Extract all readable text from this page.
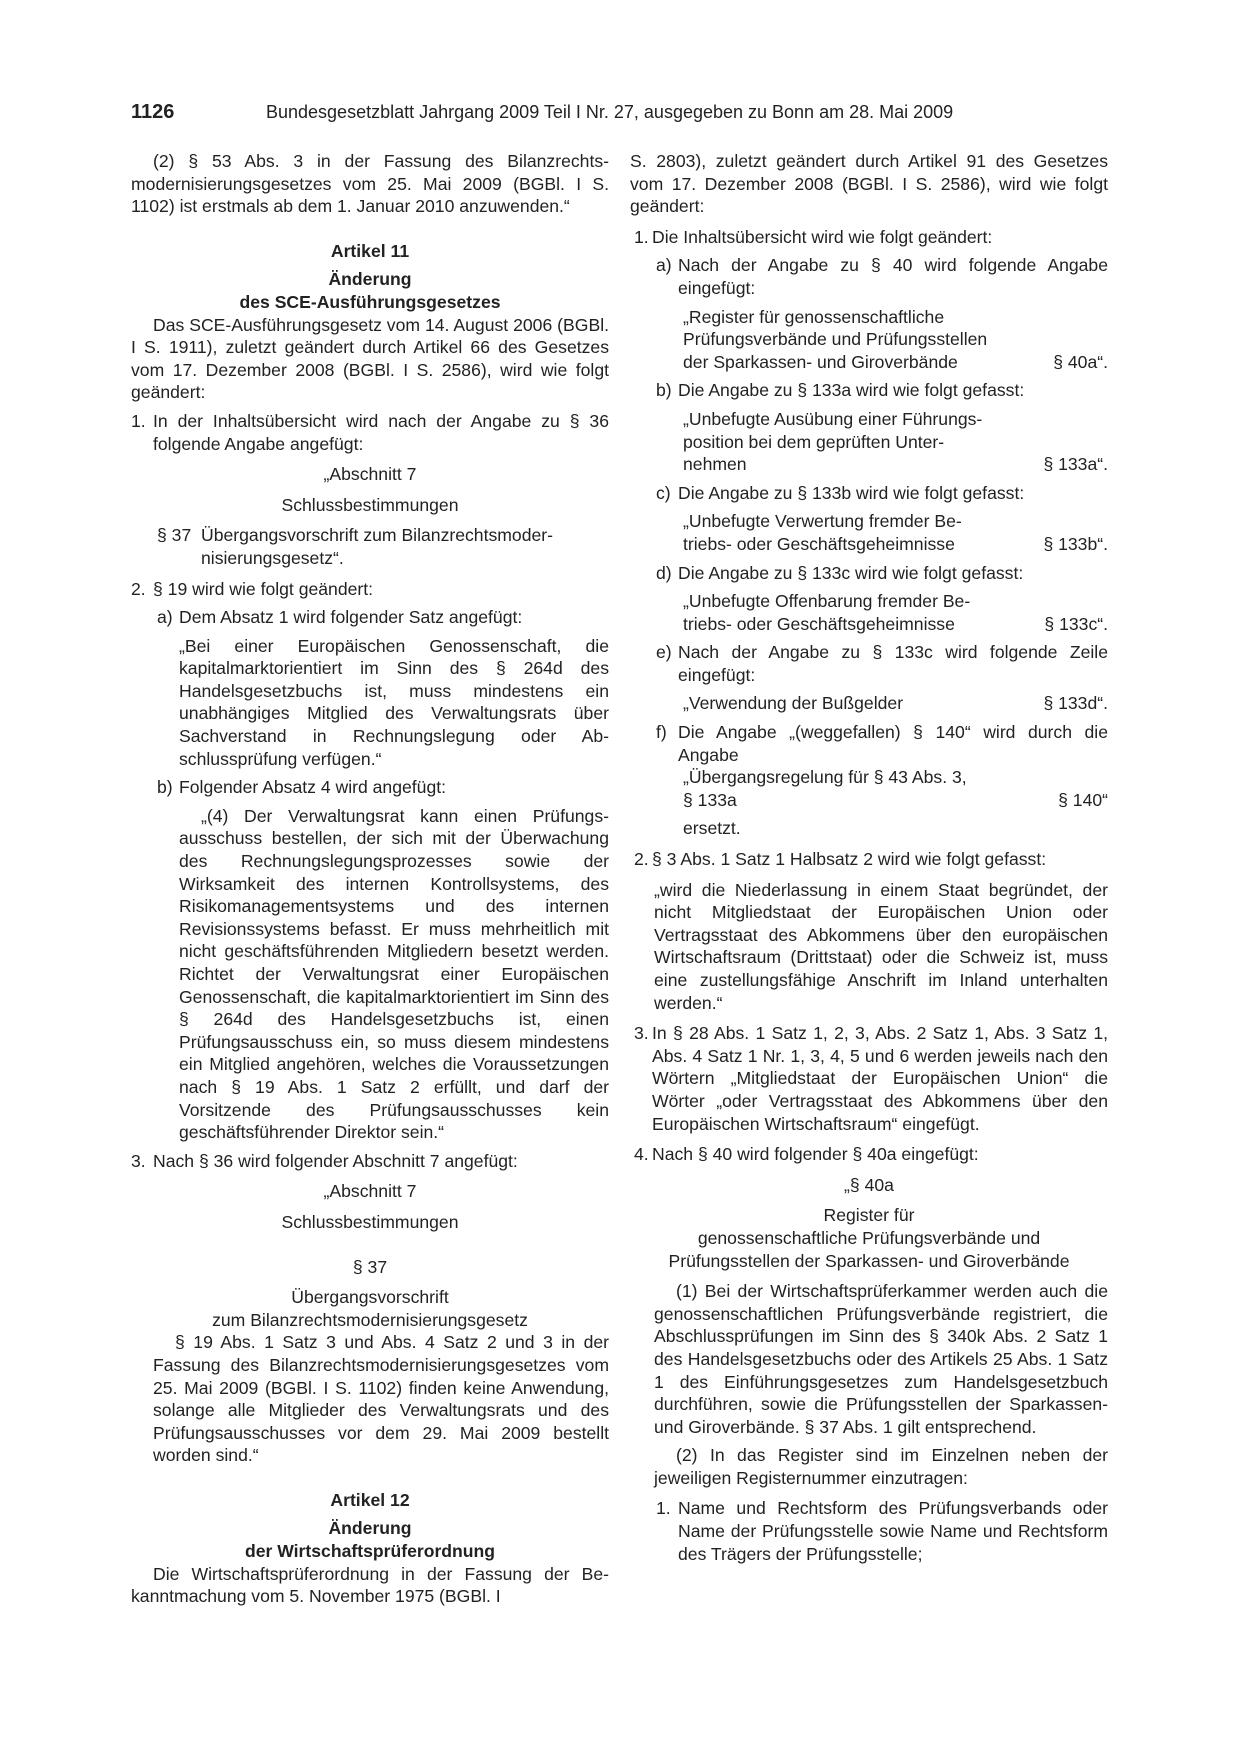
1126	Bundesgesetzblatt Jahrgang 2009 Teil I Nr. 27, ausgegeben zu Bonn am 28. Mai 2009

(2) § 53 Abs. 3 in der Fassung des Bilanzrechtsmodernisierungsgesetzes vom 25. Mai 2009 (BGBl. I S. 1102) ist erstmals ab dem 1. Januar 2010 anzuwenden.“

Artikel 11

Änderung

des SCE-Ausführungsgesetzes

Das SCE-Ausführungsgesetz vom 14. August 2006 (BGBl. I S. 1911), zuletzt geändert durch Artikel 66 des Gesetzes vom 17. Dezember 2008 (BGBl. I S. 2586), wird wie folgt geändert:

1. In der Inhaltsübersicht wird nach der Angabe zu § 36 folgende Angabe angefügt:

„Abschnitt 7

Schlussbestimmungen

§ 37 Übergangsvorschrift zum Bilanzrechtsmodernisierungsgesetz“.
2. § 19 wird wie folgt geändert:
a) Dem Absatz 1 wird folgender Satz angefügt:

„Bei einer Europäischen Genossenschaft, die kapitalmarktorientiert im Sinn des § 264d des Handelsgesetzbuchs ist, muss mindestens ein unabhängiges Mitglied des Verwaltungsrats über Sachverstand in Rechnungslegung oder Abschlussprüfung verfügen.“

b) Folgender Absatz 4 wird angefügt:

„(4) Der Verwaltungsrat kann einen Prüfungsausschuss bestellen, der sich mit der Überwachung des Rechnungslegungsprozesses sowie der Wirksamkeit des internen Kontrollsystems, des Risikomanagementsystems und des internen Revisionssystems befasst. Er muss mehrheitlich mit nicht geschäftsführenden Mitgliedern besetzt werden. Richtet der Verwaltungsrat einer Europäischen Genossenschaft, die kapitalmarktorientiert im Sinn des § 264d des Handelsgesetzbuchs ist, einen Prüfungsausschuss ein, so muss diesem mindestens ein Mitglied angehören, welches die Voraussetzungen nach § 19 Abs. 1 Satz 2 erfüllt, und darf der Vorsitzende des Prüfungsausschusses kein geschäftsführender Direktor sein.“

3. Nach § 36 wird folgender Abschnitt 7 angefügt:

„Abschnitt 7

Schlussbestimmungen

§ 37

Übergangsvorschrift

zum Bilanzrechtsmodernisierungsgesetz

§ 19 Abs. 1 Satz 3 und Abs. 4 Satz 2 und 3 in der Fassung des Bilanzrechtsmodernisierungsgesetzes vom 25. Mai 2009 (BGBl. I S. 1102) finden keine Anwendung, solange alle Mitglieder des Verwaltungsrats und des Prüfungsausschusses vor dem 29. Mai 2009 bestellt worden sind.“

Artikel 12

Änderung

der Wirtschaftsprüferordnung

Die Wirtschaftsprüferordnung in der Fassung der Bekanntmachung vom 5. November 1975 (BGBl. I

S. 2803), zuletzt geändert durch Artikel 91 des Gesetzes vom 17. Dezember 2008 (BGBl. I S. 2586), wird wie folgt geändert:

1. Die Inhaltsübersicht wird wie folgt geändert:
a) Nach der Angabe zu § 40 wird folgende Angabe eingefügt:
„Register für genossenschaftliche
Prüfungsverbände und Prüfungsstellen
der Sparkassen- und Giroverbände	§ 40a“.
b) Die Angabe zu § 133a wird wie folgt gefasst:
„Unbefugte Ausübung einer Führungs-
position bei dem geprüften Unter-
nehmen	§ 133a“.
c) Die Angabe zu § 133b wird wie folgt gefasst:
„Unbefugte Verwertung fremder Be-
triebs- oder Geschäftsgeheimnisse	§ 133b“.
d) Die Angabe zu § 133c wird wie folgt gefasst:
„Unbefugte Offenbarung fremder Be-
triebs- oder Geschäftsgeheimnisse	§ 133c“.
e) Nach der Angabe zu § 133c wird folgende Zeile eingefügt:
„Verwendung der Bußgelder	§ 133d“.
f) Die Angabe „(weggefallen) § 140“ wird durch die Angabe
„Übergangsregelung für § 43 Abs. 3,
§ 133a	§ 140“

ersetzt.

2. § 3 Abs. 1 Satz 1 Halbsatz 2 wird wie folgt gefasst:

„wird die Niederlassung in einem Staat begründet, der nicht Mitgliedstaat der Europäischen Union oder Vertragsstaat des Abkommens über den europäischen Wirtschaftsraum (Drittstaat) oder die Schweiz ist, muss eine zustellungsfähige Anschrift im Inland unterhalten werden.“

3. In § 28 Abs. 1 Satz 1, 2, 3, Abs. 2 Satz 1, Abs. 3 Satz 1, Abs. 4 Satz 1 Nr. 1, 3, 4, 5 und 6 werden jeweils nach den Wörtern „Mitgliedstaat der Europäischen Union“ die Wörter „oder Vertragsstaat des Abkommens über den Europäischen Wirtschaftsraum“ eingefügt.
4. Nach § 40 wird folgender § 40a eingefügt:

„§ 40a

Register für

genossenschaftliche Prüfungsverbände und

Prüfungsstellen der Sparkassen- und Giroverbände

(1) Bei der Wirtschaftsprüferkammer werden auch die genossenschaftlichen Prüfungsverbände registriert, die Abschlussprüfungen im Sinn des § 340k Abs. 2 Satz 1 des Handelsgesetzbuchs oder des Artikels 25 Abs. 1 Satz 1 des Einführungsgesetzes zum Handelsgesetzbuch durchführen, sowie die Prüfungsstellen der Sparkassen- und Giroverbände. § 37 Abs. 1 gilt entsprechend.

(2) In das Register sind im Einzelnen neben der jeweiligen Registernummer einzutragen:

1. Name und Rechtsform des Prüfungsverbands oder Name der Prüfungsstelle sowie Name und Rechtsform des Trägers der Prüfungsstelle;
